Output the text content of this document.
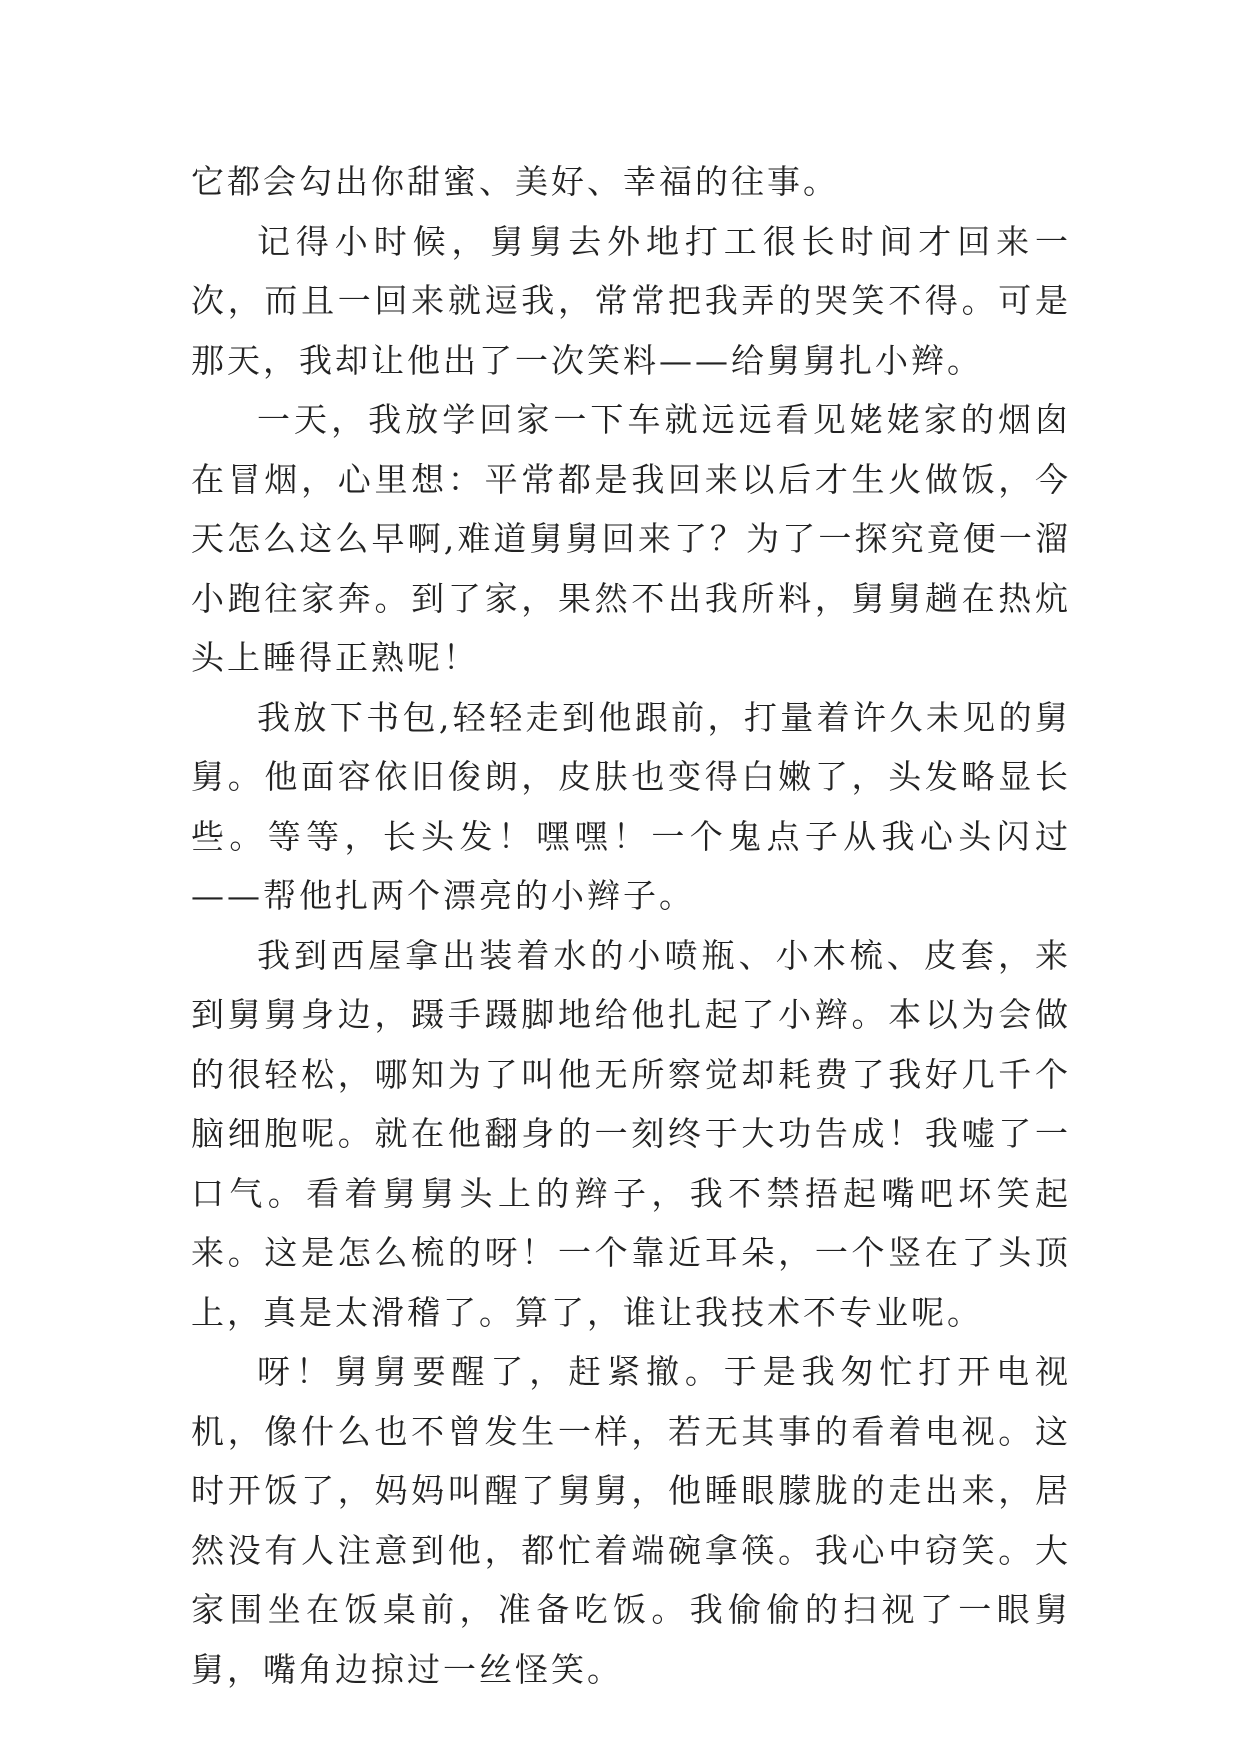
它都会勾出你甜蜜、美好、幸福的往事。

记得小时候，舅舅去外地打工很长时间才回来一次，而且一回来就逗我，常常把我弄的哭笑不得。可是那天，我却让他出了一次笑料——给舅舅扎小辫。

一天，我放学回家一下车就远远看见姥姥家的烟囱在冒烟，心里想：平常都是我回来以后才生火做饭，今天怎么这么早啊,难道舅舅回来了？为了一探究竟便一溜小跑往家奔。到了家，果然不出我所料，舅舅趟在热炕头上睡得正熟呢！

我放下书包,轻轻走到他跟前，打量着许久未见的舅舅。他面容依旧俊朗，皮肤也变得白嫩了，头发略显长些。等等，长头发！嘿嘿！一个鬼点子从我心头闪过——帮他扎两个漂亮的小辫子。

我到西屋拿出装着水的小喷瓶、小木梳、皮套，来到舅舅身边，蹑手蹑脚地给他扎起了小辫。本以为会做的很轻松，哪知为了叫他无所察觉却耗费了我好几千个脑细胞呢。就在他翻身的一刻终于大功告成！我嘘了一口气。看着舅舅头上的辫子，我不禁捂起嘴吧坏笑起来。这是怎么梳的呀！一个靠近耳朵，一个竖在了头顶上，真是太滑稽了。算了，谁让我技术不专业呢。

呀！舅舅要醒了，赶紧撤。于是我匆忙打开电视机，像什么也不曾发生一样，若无其事的看着电视。这时开饭了，妈妈叫醒了舅舅，他睡眼朦胧的走出来，居然没有人注意到他，都忙着端碗拿筷。我心中窃笑。大家围坐在饭桌前，准备吃饭。我偷偷的扫视了一眼舅舅，嘴角边掠过一丝怪笑。
